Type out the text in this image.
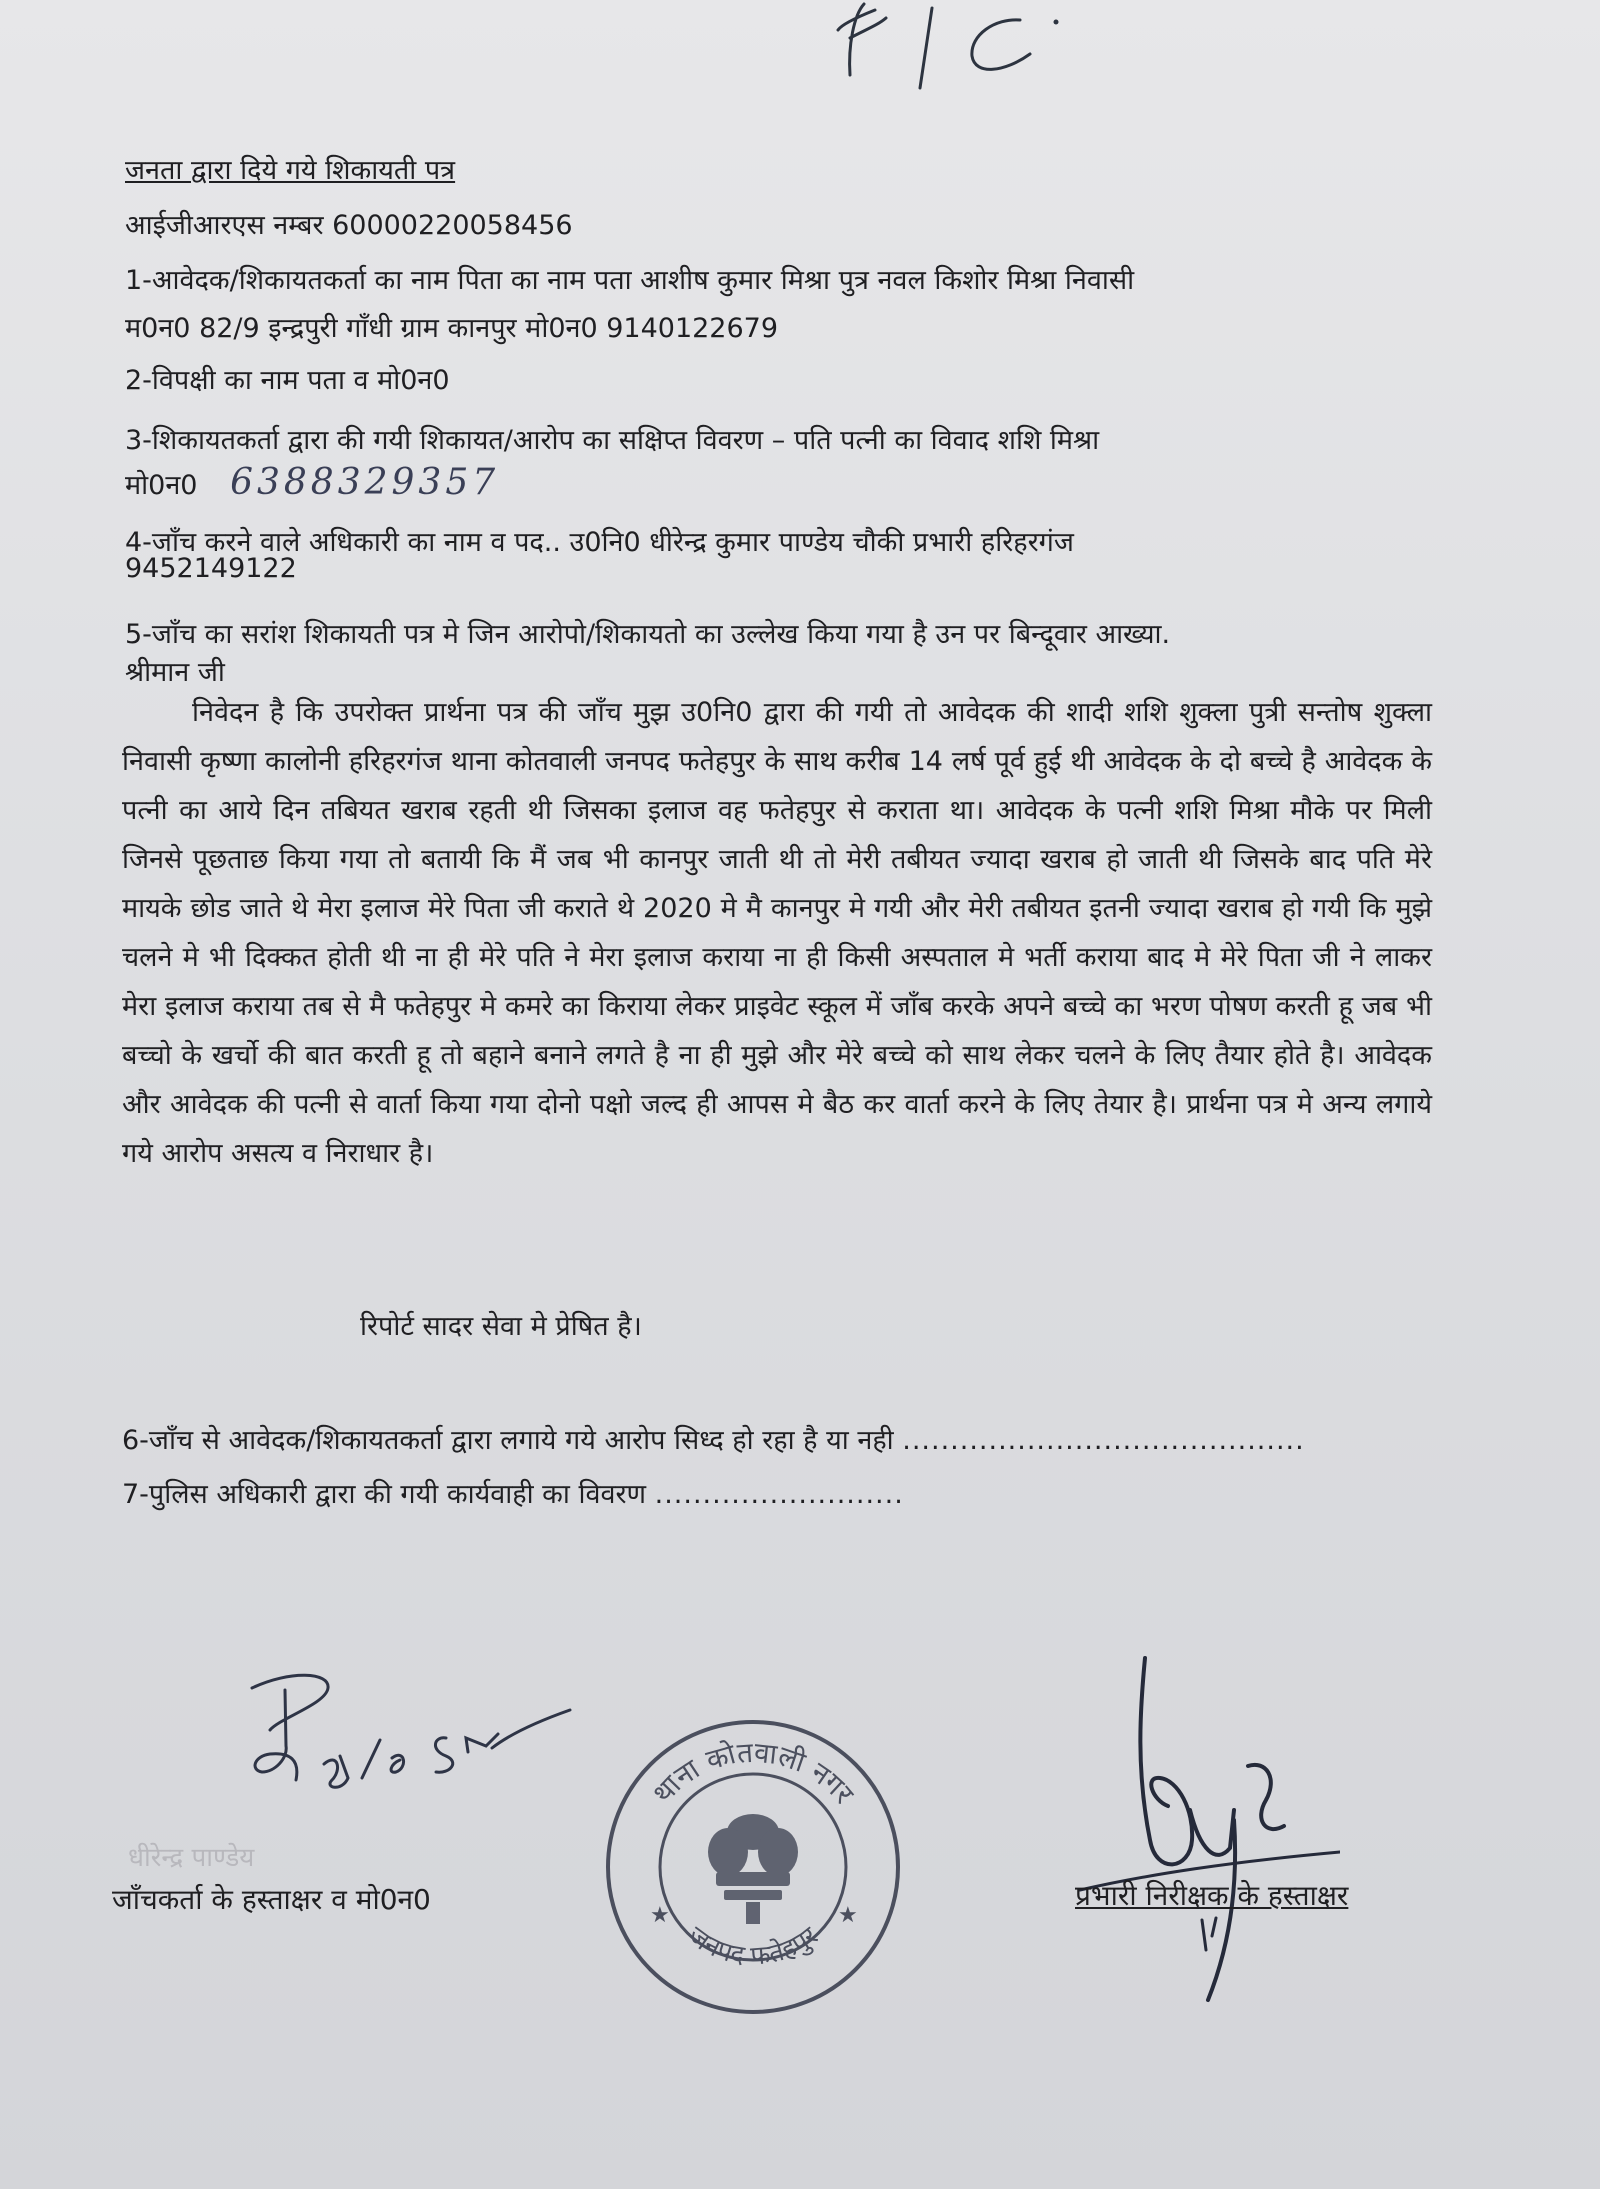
जनता द्वारा दिये गये शिकायती पत्र
आईजीआरएस नम्बर 60000220058456
1-आवेदक/शिकायतकर्ता का नाम पिता का नाम पता आशीष कुमार मिश्रा पुत्र नवल किशोर मिश्रा निवासी
म0न0 82/9 इन्द्रपुरी गाँधी ग्राम कानपुर मो0न0 9140122679
2-विपक्षी का नाम पता व मो0न0
3-शिकायतकर्ता द्वारा की गयी शिकायत/आरोप का सक्षिप्त विवरण – पति पत्नी का विवाद शशि मिश्रा
मो0न0 6388329357
4-जाँच करने वाले अधिकारी का नाम व पद.. उ0नि0 धीरेन्द्र कुमार पाण्डेय चौकी प्रभारी हरिहरगंज
9452149122
5-जाँच का सरांश शिकायती पत्र मे जिन आरोपो/शिकायतो का उल्लेख किया गया है उन पर बिन्दूवार आख्या.
श्रीमान जी
निवेदन है कि उपरोक्त प्रार्थना पत्र की जाँच मुझ उ0नि0 द्वारा की गयी तो आवेदक की शादी शशि शुक्ला पुत्री सन्तोष शुक्ला निवासी कृष्णा कालोनी हरिहरगंज थाना कोतवाली जनपद फतेहपुर के साथ करीब 14 लर्ष पूर्व हुई थी आवेदक के दो बच्चे है आवेदक के पत्नी का आये दिन तबियत खराब रहती थी जिसका इलाज वह फतेहपुर से कराता था। आवेदक के पत्नी शशि मिश्रा मौके पर मिली जिनसे पूछताछ किया गया तो बतायी कि मैं जब भी कानपुर जाती थी तो मेरी तबीयत ज्यादा खराब हो जाती थी जिसके बाद पति मेरे मायके छोड जाते थे मेरा इलाज मेरे पिता जी कराते थे 2020 मे मै कानपुर मे गयी और मेरी तबीयत इतनी ज्यादा खराब हो गयी कि मुझे चलने मे भी दिक्कत होती थी ना ही मेरे पति ने मेरा इलाज कराया ना ही किसी अस्पताल मे भर्ती कराया बाद मे मेरे पिता जी ने लाकर मेरा इलाज कराया तब से मै फतेहपुर मे कमरे का किराया लेकर प्राइवेट स्कूल में जाँब करके अपने बच्चे का भरण पोषण करती हू जब भी बच्चो के खर्चो की बात करती हू तो बहाने बनाने लगते है ना ही मुझे और मेरे बच्चे को साथ लेकर चलने के लिए तैयार होते है। आवेदक और आवेदक की पत्नी से वार्ता किया गया दोनो पक्षो जल्द ही आपस मे बैठ कर वार्ता करने के लिए तेयार है। प्रार्थना पत्र मे अन्य लगाये गये आरोप असत्य व निराधार है।
रिपोर्ट सादर सेवा मे प्रेषित है।
6-जाँच से आवेदक/शिकायतकर्ता द्वारा लगाये गये आरोप सिध्द हो रहा है या नही ..........................................
7-पुलिस अधिकारी द्वारा की गयी कार्यवाही का विवरण ..........................
धीरेन्द्र पाण्डेय
जाँचकर्ता के हस्ताक्षर व मो0न0
थाना कोतवाली नगर
जनपद फतेहपुर
★	★
प्रभारी निरीक्षक के हस्ताक्षर
